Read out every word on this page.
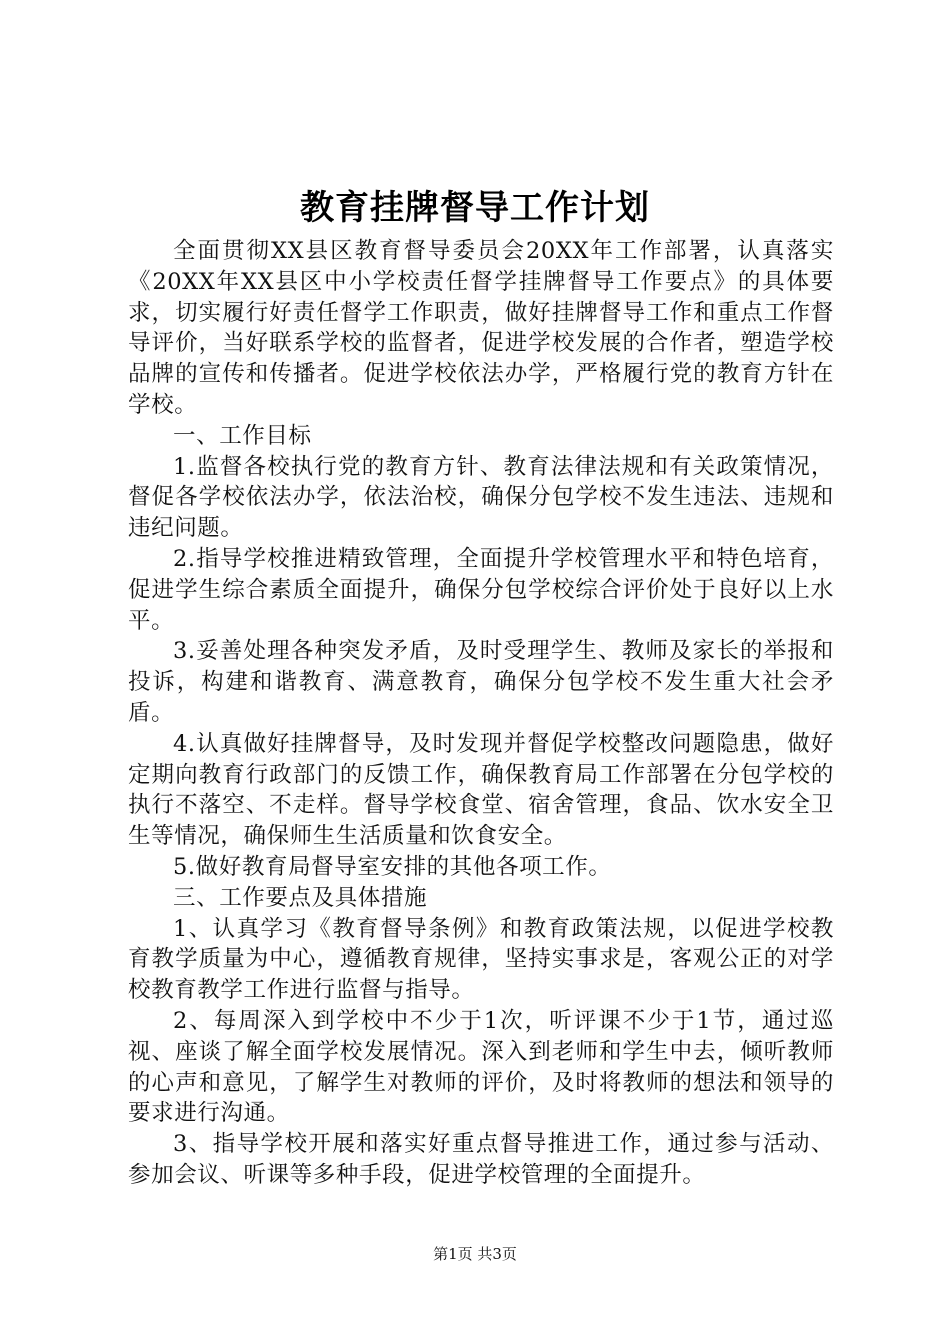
教育挂牌督导工作计划

全面贯彻XX县区教育督导委员会20XX年工作部署，认真落实《20XX年XX县区中小学校责任督学挂牌督导工作要点》的具体要求，切实履行好责任督学工作职责，做好挂牌督导工作和重点工作督导评价，当好联系学校的监督者，促进学校发展的合作者，塑造学校品牌的宣传和传播者。促进学校依法办学，严格履行党的教育方针在学校。

一、工作目标

1.监督各校执行党的教育方针、教育法律法规和有关政策情况，督促各学校依法办学，依法治校，确保分包学校不发生违法、违规和违纪问题。

2.指导学校推进精致管理，全面提升学校管理水平和特色培育，促进学生综合素质全面提升，确保分包学校综合评价处于良好以上水平。

3.妥善处理各种突发矛盾，及时受理学生、教师及家长的举报和投诉，构建和谐教育、满意教育，确保分包学校不发生重大社会矛盾。

4.认真做好挂牌督导，及时发现并督促学校整改问题隐患，做好定期向教育行政部门的反馈工作，确保教育局工作部署在分包学校的执行不落空、不走样。督导学校食堂、宿舍管理，食品、饮水安全卫生等情况，确保师生生活质量和饮食安全。

5.做好教育局督导室安排的其他各项工作。

三、工作要点及具体措施

1、认真学习《教育督导条例》和教育政策法规，以促进学校教育教学质量为中心，遵循教育规律，坚持实事求是，客观公正的对学校教育教学工作进行监督与指导。

2、每周深入到学校中不少于1次，听评课不少于1节，通过巡视、座谈了解全面学校发展情况。深入到老师和学生中去，倾听教师的心声和意见，了解学生对教师的评价，及时将教师的想法和领导的要求进行沟通。

3、指导学校开展和落实好重点督导推进工作，通过参与活动、参加会议、听课等多种手段，促进学校管理的全面提升。

第1页 共3页
